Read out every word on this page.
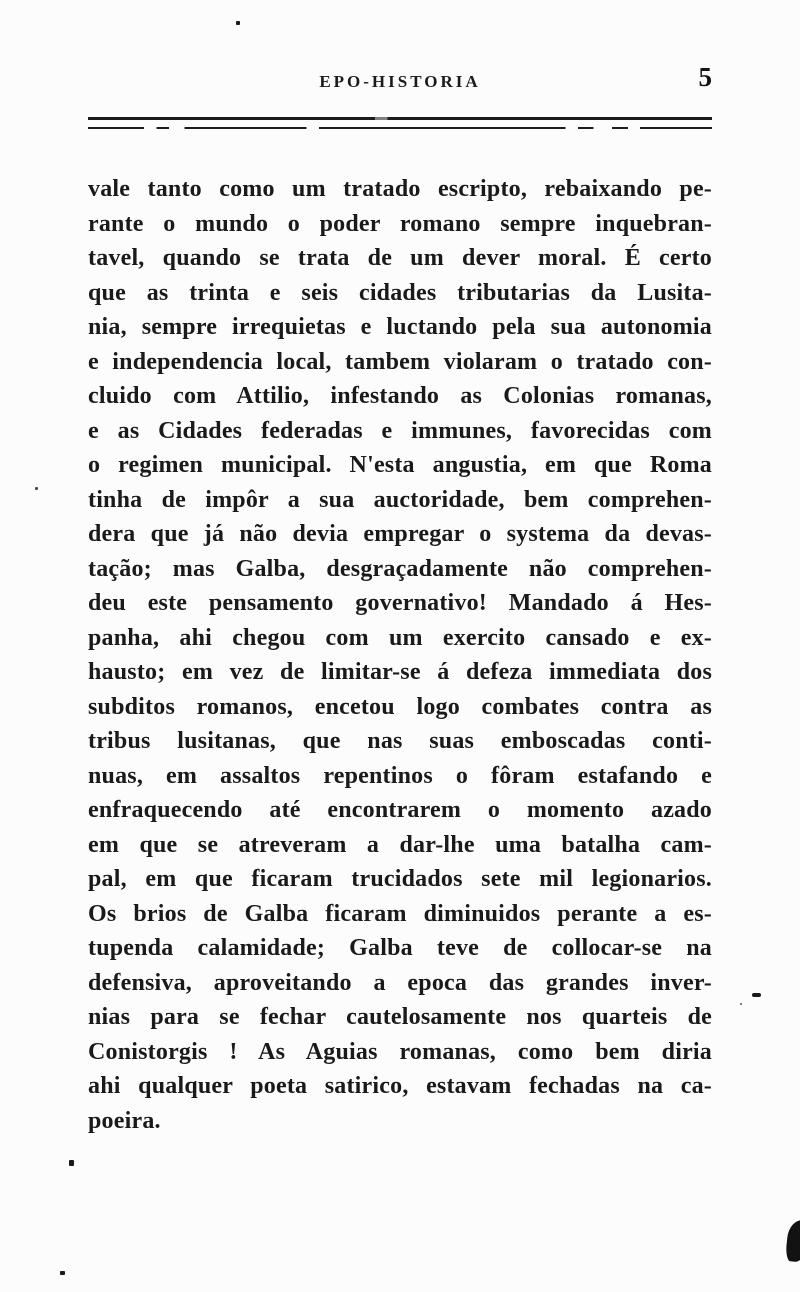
EPO-HISTORIA	5
vale tanto como um tratado escripto, rebaixando pe-
rante o mundo o poder romano sempre inquebran-
tavel, quando se trata de um dever moral. É certo
que as trinta e seis cidades tributarias da Lusita-
nia, sempre irrequietas e luctando pela sua autonomia
e independencia local, tambem violaram o tratado con-
cluido com Attilio, infestando as Colonias romanas,
e as Cidades federadas e immunes, favorecidas com
o regimen municipal. N'esta angustia, em que Roma
tinha de impôr a sua auctoridade, bem comprehen-
dera que já não devia empregar o systema da devas-
tação; mas Galba, desgraçadamente não comprehen-
deu este pensamento governativo! Mandado á Hes-
panha, ahi chegou com um exercito cansado e ex-
hausto; em vez de limitar-se á defeza immediata dos
subditos romanos, encetou logo combates contra as
tribus lusitanas, que nas suas emboscadas conti-
nuas, em assaltos repentinos o fôram estafando e
enfraquecendo até encontrarem o momento azado
em que se atreveram a dar-lhe uma batalha cam-
pal, em que ficaram trucidados sete mil legionarios.
Os brios de Galba ficaram diminuidos perante a es-
tupenda calamidade; Galba teve de collocar-se na
defensiva, aproveitando a epoca das grandes inver-
nias para se fechar cautelosamente nos quarteis de
Conistorgis ! As Aguias romanas, como bem diria
ahi qualquer poeta satirico, estavam fechadas na ca-
poeira.
